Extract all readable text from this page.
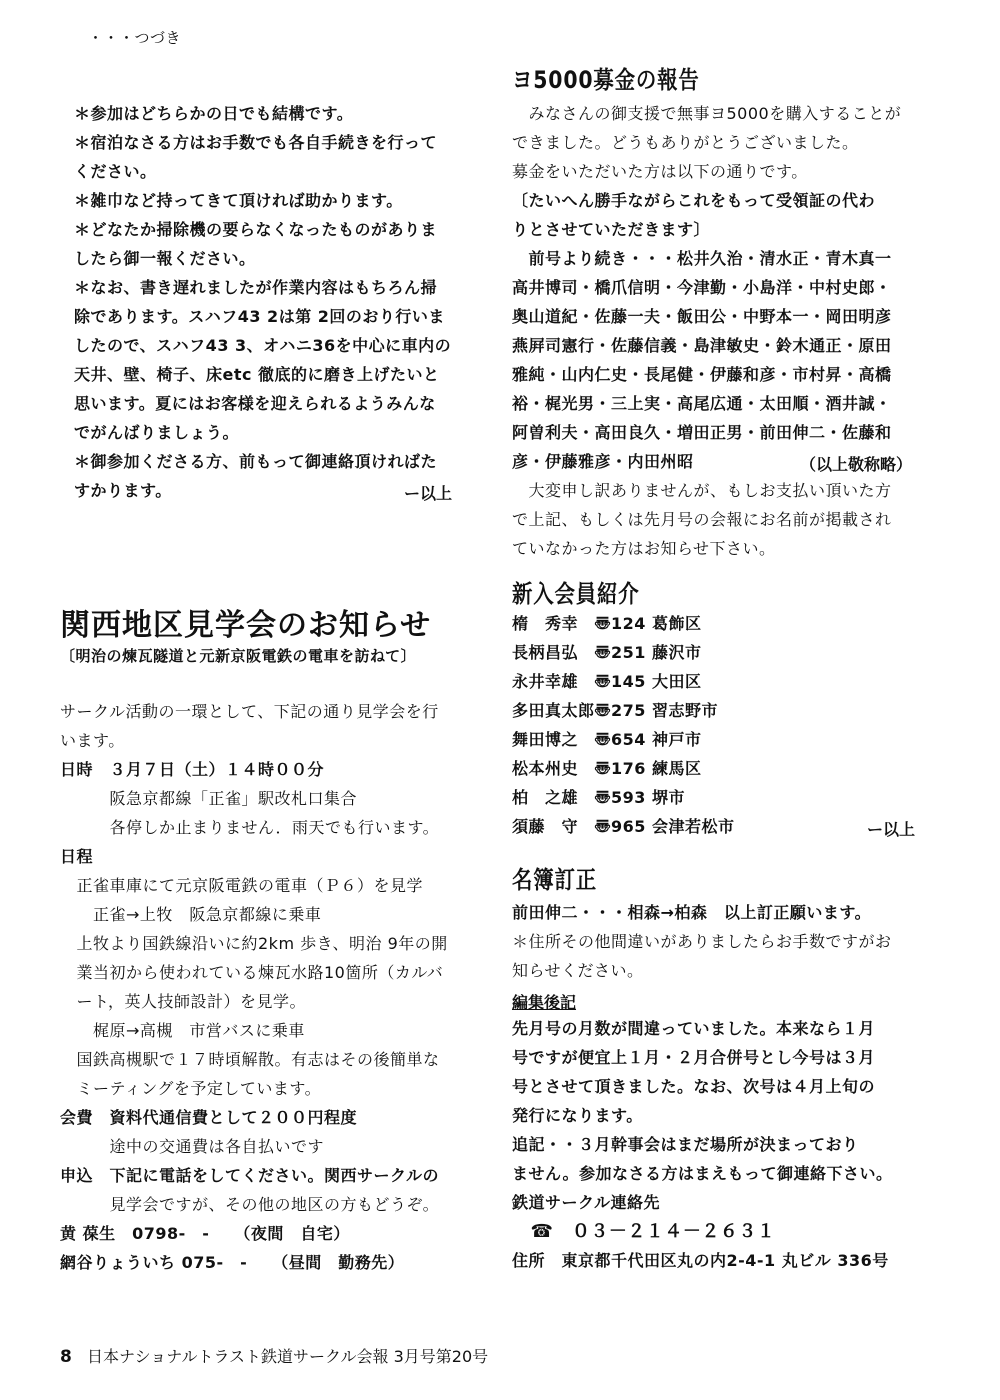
・・・つづき
＊参加はどちらかの日でも結構です。
＊宿泊なさる方はお手数でも各自手続きを行って
ください。
＊雑巾など持ってきて頂ければ助かります。
＊どなたか掃除機の要らなくなったものがありま
したら御一報ください。
＊なお、書き遅れましたが作業内容はもちろん掃
除であります。スハフ43 2は第 2回のおり行いま
したので、スハフ43 3、オハニ36を中心に車内の
天井、壁、椅子、床etc 徹底的に磨き上げたいと
思います。夏にはお客様を迎えられるようみんな
でがんばりましょう。
＊御参加くださる方、前もって御連絡頂ければた
すかります。	ー以上
関西地区見学会のお知らせ
〔明治の煉瓦隧道と元新京阪電鉄の電車を訪ねて〕
サークル活動の一環として、下記の通り見学会を行
います。
日時　３月７日（土）１４時００分
　　　阪急京都線「正雀」駅改札口集合
　　　各停しか止まりません．雨天でも行います。
日程
　正雀車庫にて元京阪電鉄の電車（Ｐ６）を見学
　　正雀→上牧　阪急京都線に乗車
　上牧より国鉄線沿いに約2km 歩き、明治 9年の開
　業当初から使われている煉瓦水路10箇所（カルバ
　ート，英人技師設計）を見学。
　　梶原→高槻　市営バスに乗車
　国鉄高槻駅で１７時頃解散。有志はその後簡単な
　ミーティングを予定しています。
会費　資料代通信費として２００円程度
　　　途中の交通費は各自払いです
申込　下記に電話をしてください。関西サークルの
　　　見学会ですが、その他の地区の方もどうぞ。
黄 葆生　0798-　-　　（夜間　自宅）
網谷りょういち 075-　-　　（昼間　勤務先）
ヨ5000募金の報告
　みなさんの御支援で無事ヨ5000を購入することが
できました。どうもありがとうございました。
募金をいただいた方は以下の通りです。
〔たいへん勝手ながらこれをもって受領証の代わ
りとさせていただきます〕
　前号より続き・・・松井久治・清水正・青木真一
高井博司・橋爪信明・今津勤・小島洋・中村史郎・
奥山道紀・佐藤一夫・飯田公・中野本一・岡田明彦
燕屛司憲行・佐藤信義・島津敏史・鈴木通正・原田
雅純・山内仁史・長尾健・伊藤和彦・市村昇・高橋
裕・梶光男・三上実・高尾広通・太田順・酒井誠・
阿曽利夫・高田良久・増田正男・前田伸二・佐藤和
彦・伊藤雅彦・内田州昭	（以上敬称略）
　大変申し訳ありませんが、もしお支払い頂いた方
で上記、もしくは先月号の会報にお名前が掲載され
ていなかった方はお知らせ下さい。
新入会員紹介
楕　秀幸　〠124 葛飾区
長柄昌弘　〠251 藤沢市
永井幸雄　〠145 大田区
多田真太郎〠275 習志野市
舞田博之　〠654 神戸市
松本州史　〠176 練馬区
柏　之雄　〠593 堺市
須藤　守　〠965 会津若松市	ー以上
名簿訂正
前田伸二・・・相森→柏森　以上訂正願います。
＊住所その他間違いがありましたらお手数ですがお
知らせください。
編集後記
先月号の月数が間違っていました。本来なら１月
号ですが便宜上１月・２月合併号とし今号は３月
号とさせて頂きました。なお、次号は４月上旬の
発行になります。
追記・・３月幹事会はまだ場所が決まっており
ません。参加なさる方はまえもって御連絡下さい。
鉄道サークル連絡先
　☎　０３－２１４－２６３１
住所　東京都千代田区丸の内2-4-1 丸ビル 336号
8 日本ナショナルトラスト鉄道サークル会報 3月号第20号
